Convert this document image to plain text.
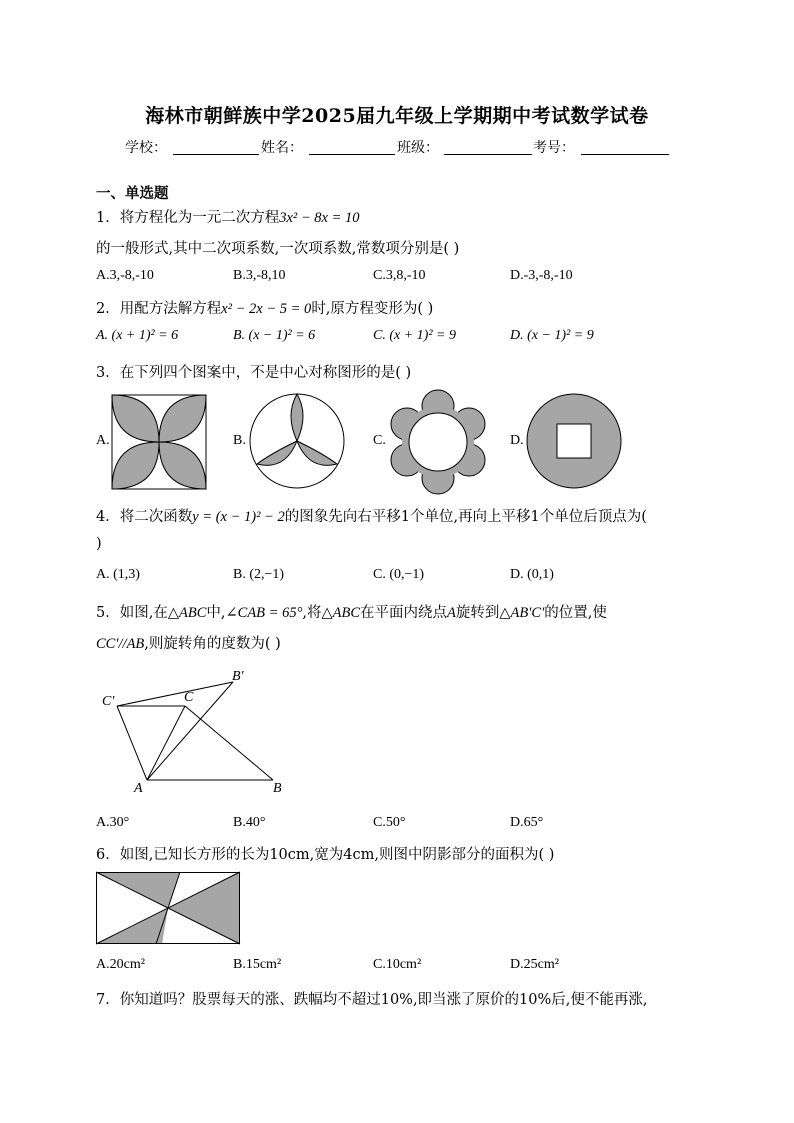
海林市朝鲜族中学2025届九年级上学期期中考试数学试卷
学校：	姓名：	班级：	考号：
一、单选题
1．将方程化为一元二次方程3x² − 8x = 10
的一般形式,其中二次项系数,一次项系数,常数项分别是( )
A.3,-8,-10	B.3,-8,10	C.3,8,-10	D.-3,-8,-10
2．用配方法解方程x² − 2x − 5 = 0时,原方程变形为( )
A. (x + 1)² = 6	B. (x − 1)² = 6	C. (x + 1)² = 9	D. (x − 1)² = 9
3．在下列四个图案中，不是中心对称图形的是( )
A.	B.	C.	D.
4．将二次函数y = (x − 1)² − 2的图象先向右平移1个单位,再向上平移1个单位后顶点为(
)
A. (1,3)	B. (2,−1)	C. (0,−1)	D. (0,1)
5．如图,在△ABC中,∠CAB = 65°,将△ABC在平面内绕点A旋转到△AB′C′的位置,使
CC′//AB,则旋转角的度数为( )
C′	C
B′
A	B
A.30°	B.40°	C.50°	D.65°
6．如图,已知长方形的长为10cm,宽为4cm,则图中阴影部分的面积为( )
A.20cm²	B.15cm²	C.10cm²	D.25cm²
7．你知道吗？股票每天的涨、跌幅均不超过10%,即当涨了原价的10%后,便不能再涨,
